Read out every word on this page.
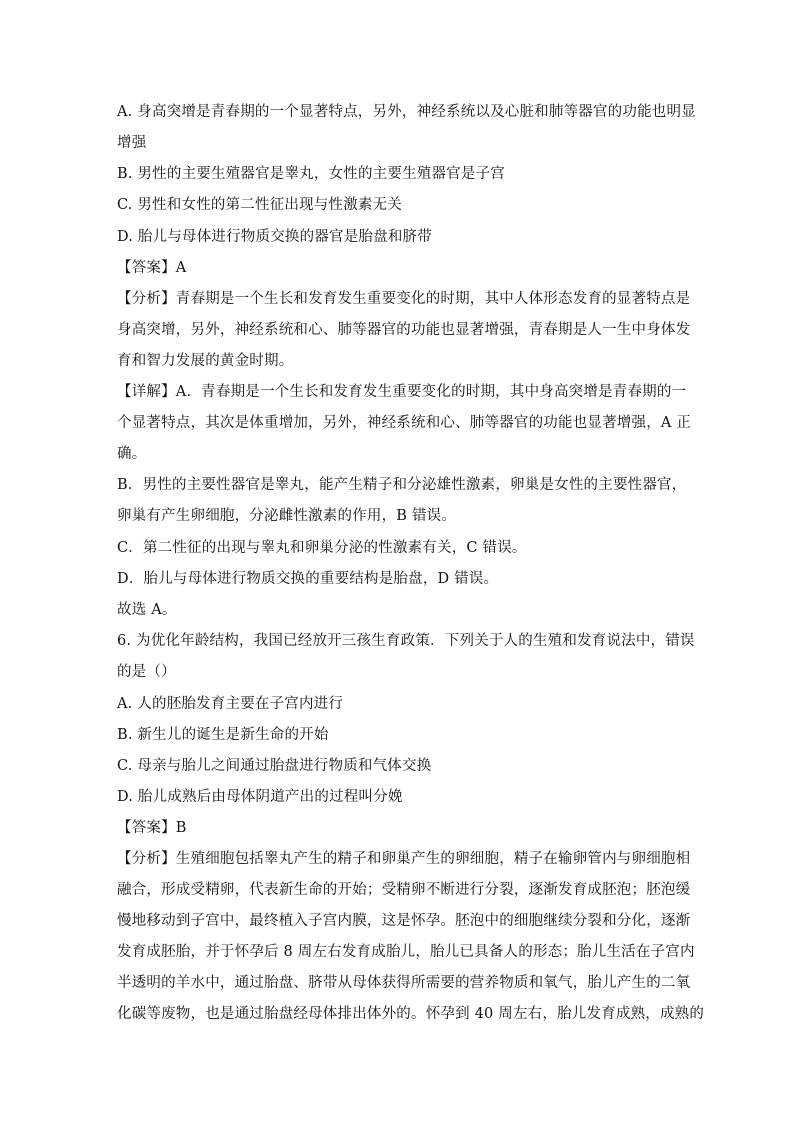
A. 身高突增是青春期的一个显著特点，另外，神经系统以及心脏和肺等器官的功能也明显
增强
B. 男性的主要生殖器官是睾丸，女性的主要生殖器官是子宫
C. 男性和女性的第二性征出现与性激素无关
D. 胎儿与母体进行物质交换的器官是胎盘和脐带
【答案】A
【分析】青春期是一个生长和发育发生重要变化的时期，其中人体形态发育的显著特点是
身高突增，另外，神经系统和心、肺等器官的功能也显著增强，青春期是人一生中身体发
育和智力发展的黄金时期。
【详解】A．青春期是一个生长和发育发生重要变化的时期，其中身高突增是青春期的一
个显著特点，其次是体重增加，另外，神经系统和心、肺等器官的功能也显著增强，A 正
确。
B．男性的主要性器官是睾丸，能产生精子和分泌雄性激素，卵巢是女性的主要性器官，
卵巢有产生卵细胞，分泌雌性激素的作用，B 错误。
C．第二性征的出现与睾丸和卵巢分泌的性激素有关，C 错误。
D．胎儿与母体进行物质交换的重要结构是胎盘，D 错误。
故选 A。
6. 为优化年龄结构，我国已经放开三孩生育政策．下列关于人的生殖和发育说法中，错误
的是（）
A. 人的胚胎发育主要在子宫内进行
B. 新生儿的诞生是新生命的开始
C. 母亲与胎儿之间通过胎盘进行物质和气体交换
D. 胎儿成熟后由母体阴道产出的过程叫分娩
【答案】B
【分析】生殖细胞包括睾丸产生的精子和卵巢产生的卵细胞，精子在输卵管内与卵细胞相
融合，形成受精卵，代表新生命的开始；受精卵不断进行分裂，逐渐发育成胚泡；胚泡缓
慢地移动到子宫中，最终植入子宫内膜，这是怀孕。胚泡中的细胞继续分裂和分化，逐渐
发育成胚胎，并于怀孕后 8 周左右发育成胎儿，胎儿已具备人的形态；胎儿生活在子宫内
半透明的羊水中，通过胎盘、脐带从母体获得所需要的营养物质和氧气，胎儿产生的二氧
化碳等废物，也是通过胎盘经母体排出体外的。怀孕到 40 周左右，胎儿发育成熟，成熟的
